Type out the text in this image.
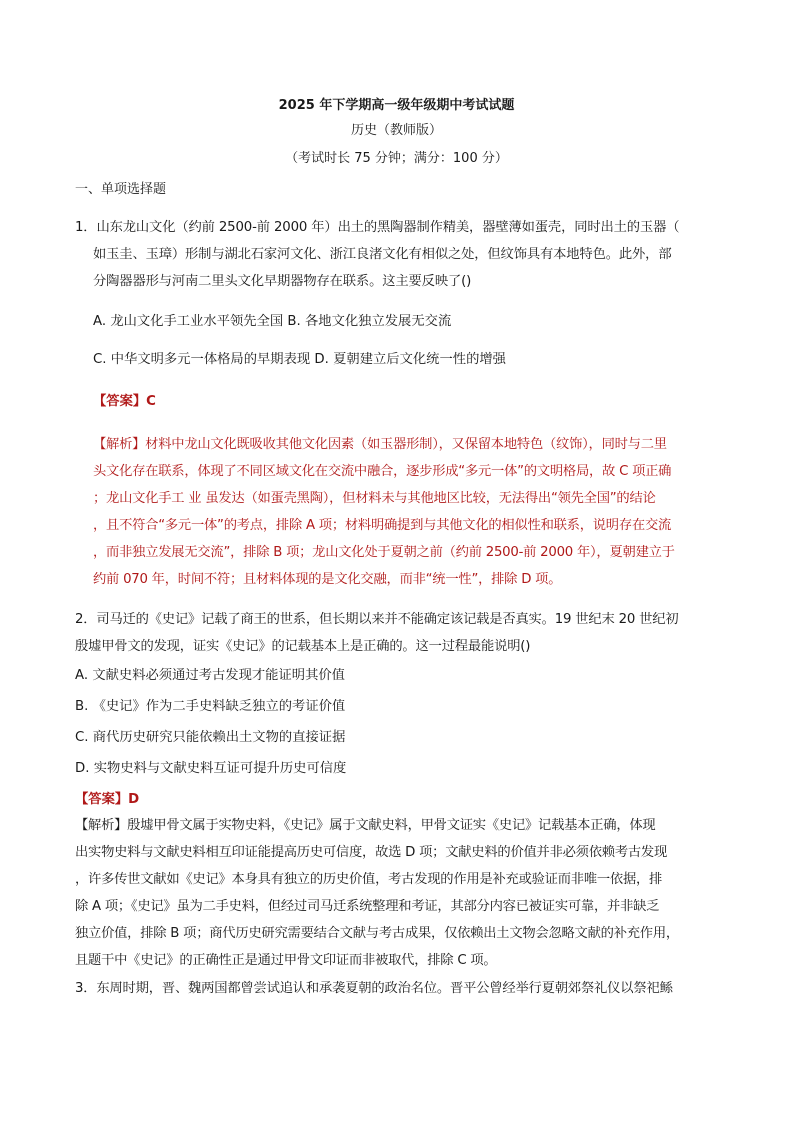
2025 年下学期高一级年级期中考试试题
历史（教师版）
（考试时长 75 分钟；满分：100 分）
一、单项选择题
1．山东龙山文化（约前 2500-前 2000 年）出土的黑陶器制作精美，器壁薄如蛋壳，同时出土的玉器（
如玉圭、玉璋）形制与湖北石家河文化、浙江良渚文化有相似之处，但纹饰具有本地特色。此外，部
分陶器器形与河南二里头文化早期器物存在联系。这主要反映了()
A. 龙山文化手工业水平领先全国 B. 各地文化独立发展无交流
C. 中华文明多元一体格局的早期表现 D. 夏朝建立后文化统一性的增强
【答案】C
【解析】材料中龙山文化既吸收其他文化因素（如玉器形制），又保留本地特色（纹饰），同时与二里
头文化存在联系，体现了不同区域文化在交流中融合，逐步形成“多元一体”的文明格局，故 C 项正确
；龙山文化手工 业 虽发达（如蛋壳黑陶），但材料未与其他地区比较，无法得出“领先全国”的结论
，且不符合“多元一体”的考点，排除 A 项；材料明确提到与其他文化的相似性和联系，说明存在交流
，而非独立发展无交流”，排除 B 项；龙山文化处于夏朝之前（约前 2500-前 2000 年），夏朝建立于
约前 070 年，时间不符；且材料体现的是文化交融，而非“统一性”，排除 D 项。
2．司马迁的《史记》记载了商王的世系，但长期以来并不能确定该记载是否真实。19 世纪末 20 世纪初
殷墟甲骨文的发现，证实《史记》的记载基本上是正确的。这一过程最能说明()
A. 文献史料必须通过考古发现才能证明其价值
B. 《史记》作为二手史料缺乏独立的考证价值
C. 商代历史研究只能依赖出土文物的直接证据
D. 实物史料与文献史料互证可提升历史可信度
【答案】D
【解析】殷墟甲骨文属于实物史料，《史记》属于文献史料，甲骨文证实《史记》记载基本正确，体现
出实物史料与文献史料相互印证能提高历史可信度，故选 D 项；文献史料的价值并非必须依赖考古发现
，许多传世文献如《史记》本身具有独立的历史价值，考古发现的作用是补充或验证而非唯一依据，排
除 A 项；《史记》虽为二手史料，但经过司马迁系统整理和考证，其部分内容已被证实可靠，并非缺乏
独立价值，排除 B 项；商代历史研究需要结合文献与考古成果，仅依赖出土文物会忽略文献的补充作用，
且题干中《史记》的正确性正是通过甲骨文印证而非被取代，排除 C 项。
3．东周时期，晋、魏两国都曾尝试追认和承袭夏朝的政治名位。晋平公曾经举行夏朝郊祭礼仪以祭祀鲧
